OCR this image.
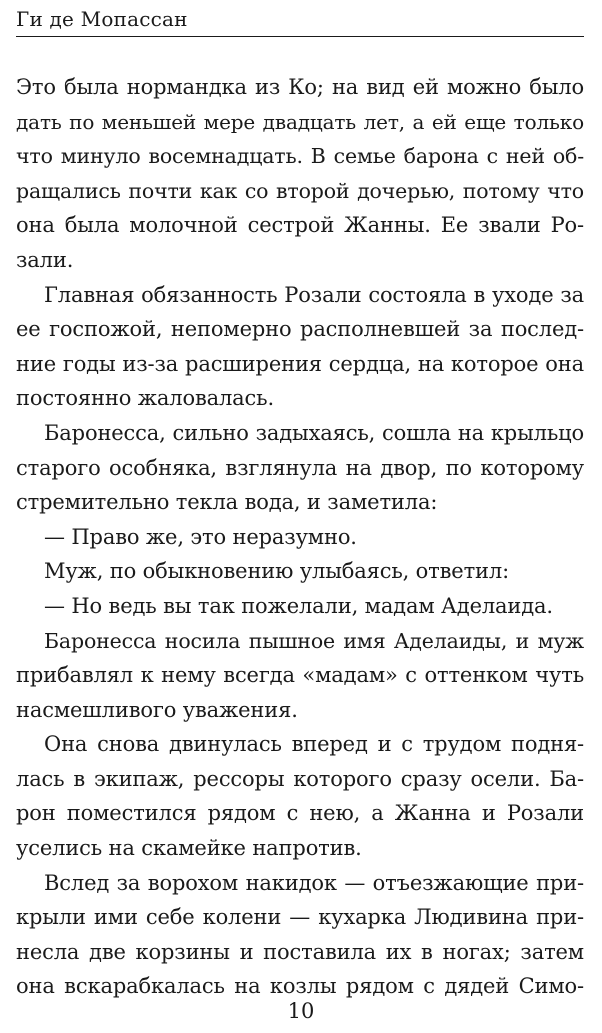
Ги де Мопассан
Это была нормандка из Ко; на вид ей можно было
дать по меньшей мере двадцать лет, а ей еще только
что минуло восемнадцать. В семье барона с ней об-
ращались почти как со второй дочерью, потому что
она была молочной сестрой Жанны. Ее звали Ро-
зали.
Главная обязанность Розали состояла в уходе за
ее госпожой, непомерно располневшей за послед-
ние годы из-за расширения сердца, на которое она
постоянно жаловалась.
Баронесса, сильно задыхаясь, сошла на крыльцо
старого особняка, взглянула на двор, по которому
стремительно текла вода, и заметила:
— Право же, это неразумно.
Муж, по обыкновению улыбаясь, ответил:
— Но ведь вы так пожелали, мадам Аделаида.
Баронесса носила пышное имя Аделаиды, и муж
прибавлял к нему всегда «мадам» с оттенком чуть
насмешливого уважения.
Она снова двинулась вперед и с трудом подня-
лась в экипаж, рессоры которого сразу осели. Ба-
рон поместился рядом с нею, а Жанна и Розали
уселись на скамейке напротив.
Вслед за ворохом накидок — отъезжающие при-
крыли ими себе колени — кухарка Людивина при-
несла две корзины и поставила их в ногах; затем
она вскарабкалась на козлы рядом с дядей Симо-
10
